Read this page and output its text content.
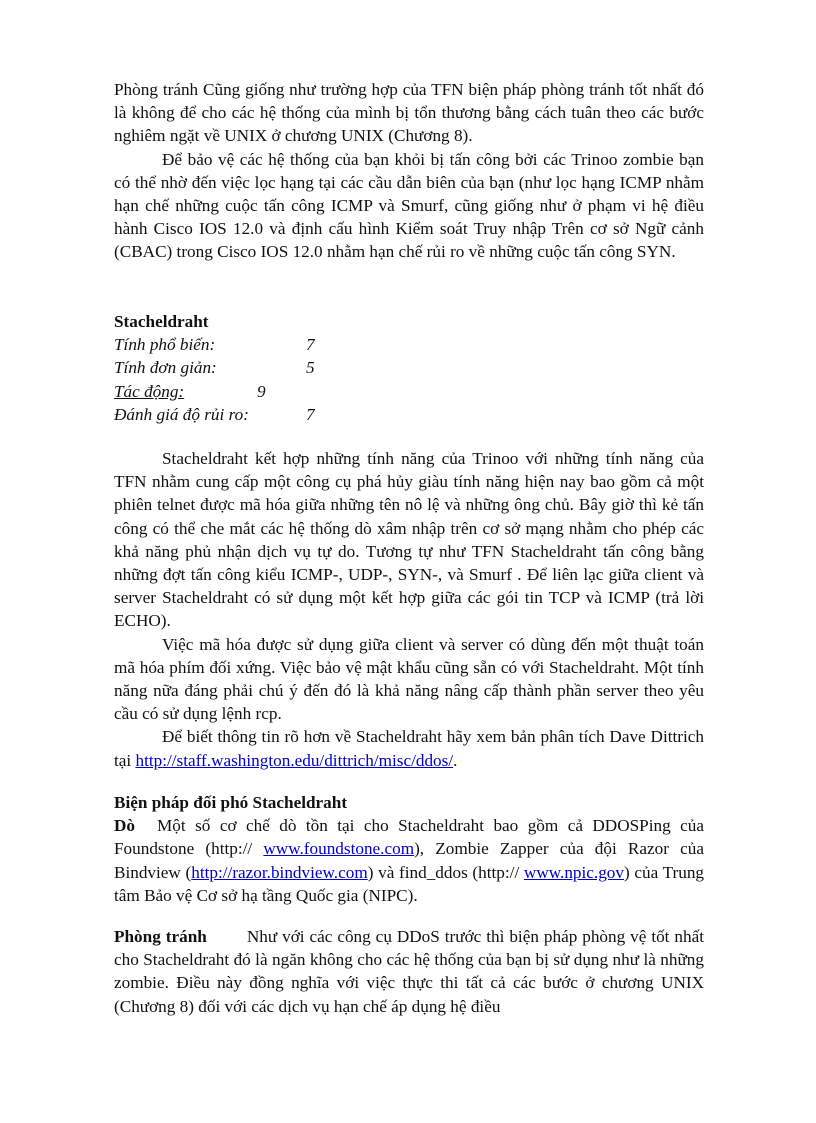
Phòng tránh Cũng giống như trường hợp của TFN biện pháp phòng tránh tốt nhất đó là không để cho các hệ thống của mình bị tổn thương bằng cách tuân theo các bước nghiêm ngặt về UNIX ở chương UNIX (Chương 8).

Để bảo vệ các hệ thống của bạn khỏi bị tấn công bởi các Trinoo zombie bạn có thể nhờ đến việc lọc hạng tại các cầu dẫn biên của bạn (như lọc hạng ICMP nhằm hạn chế những cuộc tấn công ICMP và Smurf, cũng giống như ở phạm vi hệ điều hành Cisco IOS 12.0 và định cấu hình Kiểm soát Truy nhập Trên cơ sở Ngữ cảnh (CBAC) trong Cisco IOS 12.0 nhằm hạn chế rủi ro về những cuộc tấn công SYN.

Stacheldraht
Tính phổ biến:	7
Tính đơn giản:	5
Tác động:	9
Đánh giá độ rủi ro:	7

Stacheldraht kết hợp những tính năng của Trinoo với những tính năng của TFN nhằm cung cấp một công cụ phá hủy giàu tính năng hiện nay bao gồm cả một phiên telnet được mã hóa giữa những tên nô lệ và những ông chủ. Bây giờ thì kẻ tấn công có thể che mắt các hệ thống dò xâm nhập trên cơ sở mạng nhằm cho phép các khả năng phủ nhận dịch vụ tự do. Tương tự như TFN Stacheldraht tấn công bằng những đợt tấn công kiểu ICMP-, UDP-, SYN-, và Smurf . Để liên lạc giữa client và server Stacheldraht có sử dụng một kết hợp giữa các gói tin TCP và ICMP (trả lời ECHO).

Việc mã hóa được sử dụng giữa client và server có dùng đến một thuật toán mã hóa phím đối xứng. Việc bảo vệ mật khẩu cũng sẵn có với Stacheldraht. Một tính năng nữa đáng phải chú ý đến đó là khả năng nâng cấp thành phần server theo yêu cầu có sử dụng lệnh rcp.

Để biết thông tin rõ hơn về Stacheldraht hãy xem bản phân tích Dave Dittrich tại http://staff.washington.edu/dittrich/misc/ddos/.

Biện pháp đối phó Stacheldraht

Dò Một số cơ chế dò tồn tại cho Stacheldraht bao gồm cả DDOSPing của Foundstone (http:// www.foundstone.com), Zombie Zapper của đội Razor của Bindview (http://razor.bindview.com) và find_ddos (http:// www.npic.gov) của Trung tâm Bảo vệ Cơ sở hạ tầng Quốc gia (NIPC).

Phòng tránh Như với các công cụ DDoS trước thì biện pháp phòng vệ tốt nhất cho Stacheldraht đó là ngăn không cho các hệ thống của bạn bị sử dụng như là những zombie. Điều này đồng nghĩa với việc thực thi tất cả các bước ở chương UNIX (Chương 8) đối với các dịch vụ hạn chế áp dụng hệ điều
